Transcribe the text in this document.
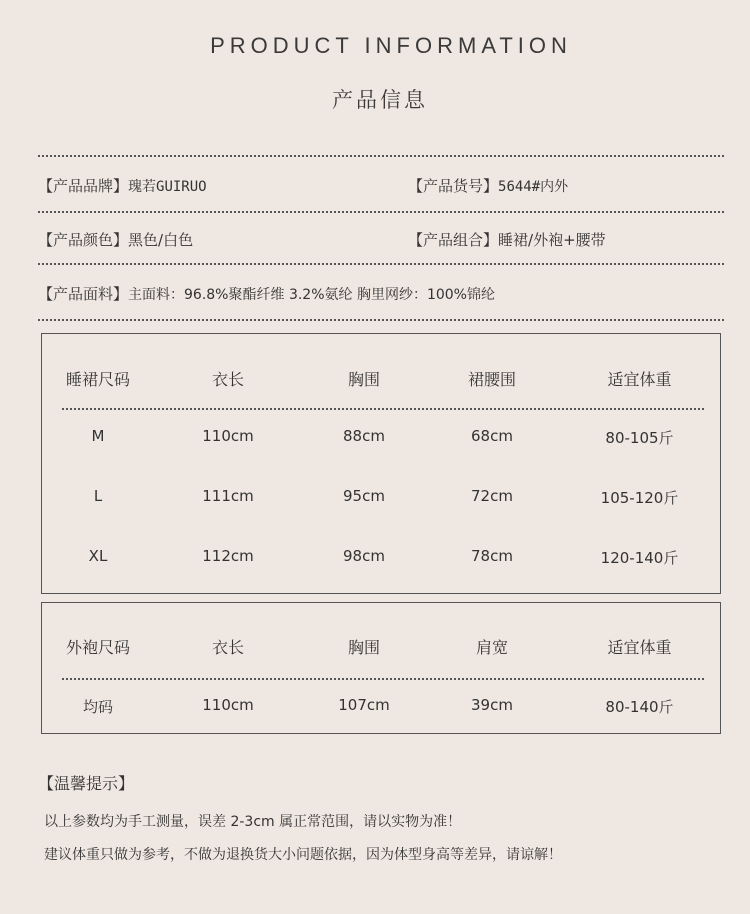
PRODUCT INFORMATION
产品信息
【产品品牌】瑰若GUIRUO	【产品货号】5644#内外
【产品颜色】黑色/白色	【产品组合】睡裙/外袍+腰带
【产品面料】主面料：96.8%聚酯纤维 3.2%氨纶 胸里网纱：100%锦纶
睡裙尺码	衣长	胸围	裙腰围	适宜体重
M	110cm	88cm	68cm	80-105斤
L	111cm	95cm	72cm	105-120斤
XL	112cm	98cm	78cm	120-140斤
外袍尺码	衣长	胸围	肩宽	适宜体重
均码	110cm	107cm	39cm	80-140斤
【温馨提示】
以上参数均为手工测量，误差 2-3cm 属正常范围，请以实物为准！
建议体重只做为参考，不做为退换货大小问题依据，因为体型身高等差异，请谅解！
